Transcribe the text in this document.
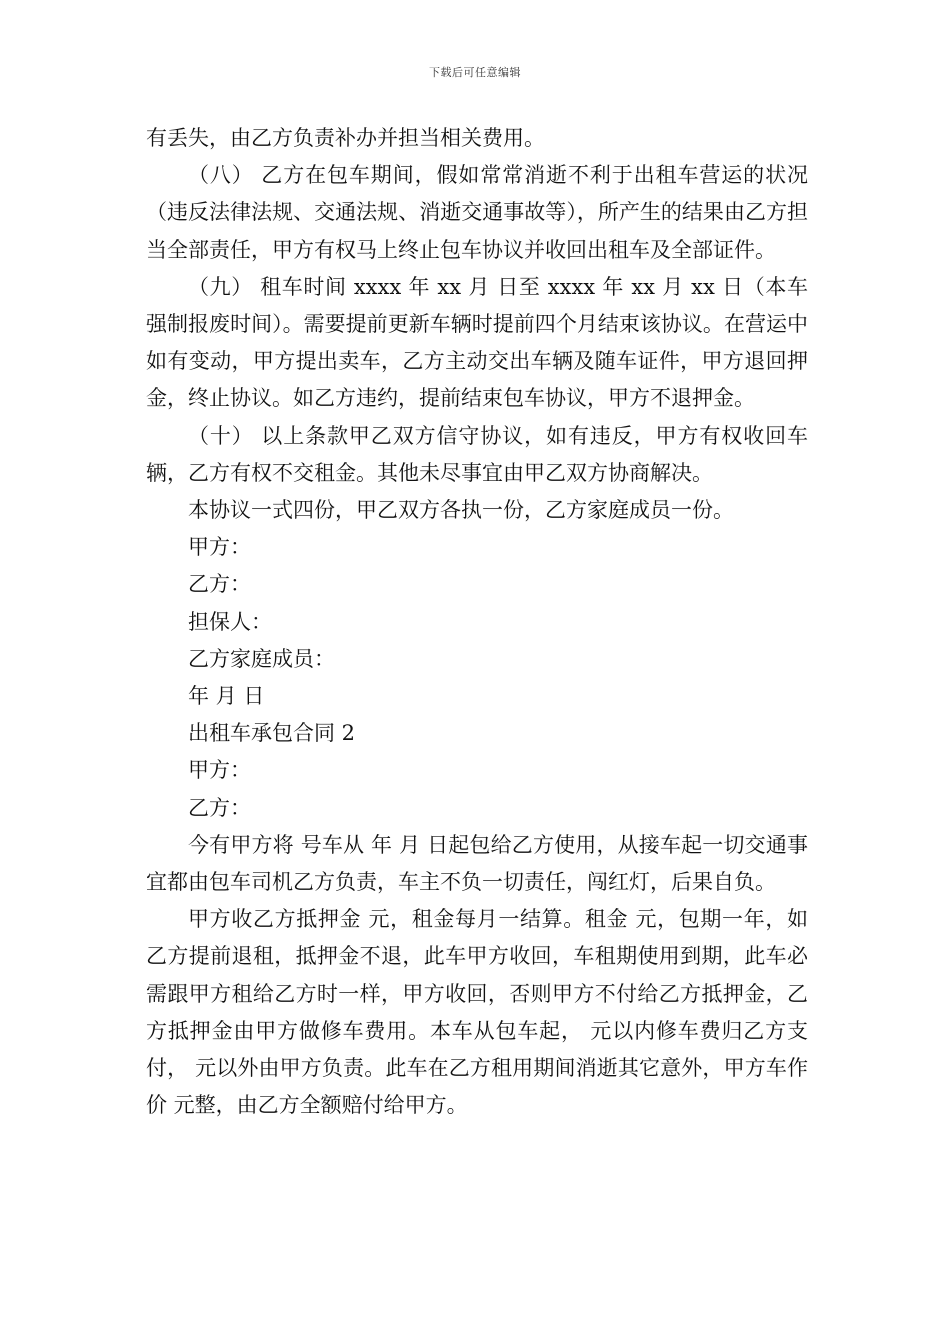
下载后可任意编辑

有丢失，由乙方负责补办并担当相关费用。

（八） 乙方在包车期间，假如常常消逝不利于出租车营运的状况（违反法律法规、交通法规、消逝交通事故等），所产生的结果由乙方担当全部责任，甲方有权马上终止包车协议并收回出租车及全部证件。

（九） 租车时间 xxxx 年 xx 月 日至 xxxx 年 xx 月 xx 日（本车强制报废时间）。需要提前更新车辆时提前四个月结束该协议。在营运中如有变动，甲方提出卖车，乙方主动交出车辆及随车证件，甲方退回押金，终止协议。如乙方违约，提前结束包车协议，甲方不退押金。

（十） 以上条款甲乙双方信守协议，如有违反，甲方有权收回车辆，乙方有权不交租金。其他未尽事宜由甲乙双方协商解决。

本协议一式四份，甲乙双方各执一份，乙方家庭成员一份。

甲方：

乙方：

担保人：

乙方家庭成员：

年 月 日

出租车承包合同 2

甲方：

乙方：

今有甲方将 号车从 年 月 日起包给乙方使用，从接车起一切交通事宜都由包车司机乙方负责，车主不负一切责任，闯红灯，后果自负。

甲方收乙方抵押金 元，租金每月一结算。租金 元，包期一年，如乙方提前退租，抵押金不退，此车甲方收回，车租期使用到期，此车必需跟甲方租给乙方时一样，甲方收回，否则甲方不付给乙方抵押金，乙方抵押金由甲方做修车费用。本车从包车起， 元以内修车费归乙方支付， 元以外由甲方负责。此车在乙方租用期间消逝其它意外，甲方车作价 元整，由乙方全额赔付给甲方。
